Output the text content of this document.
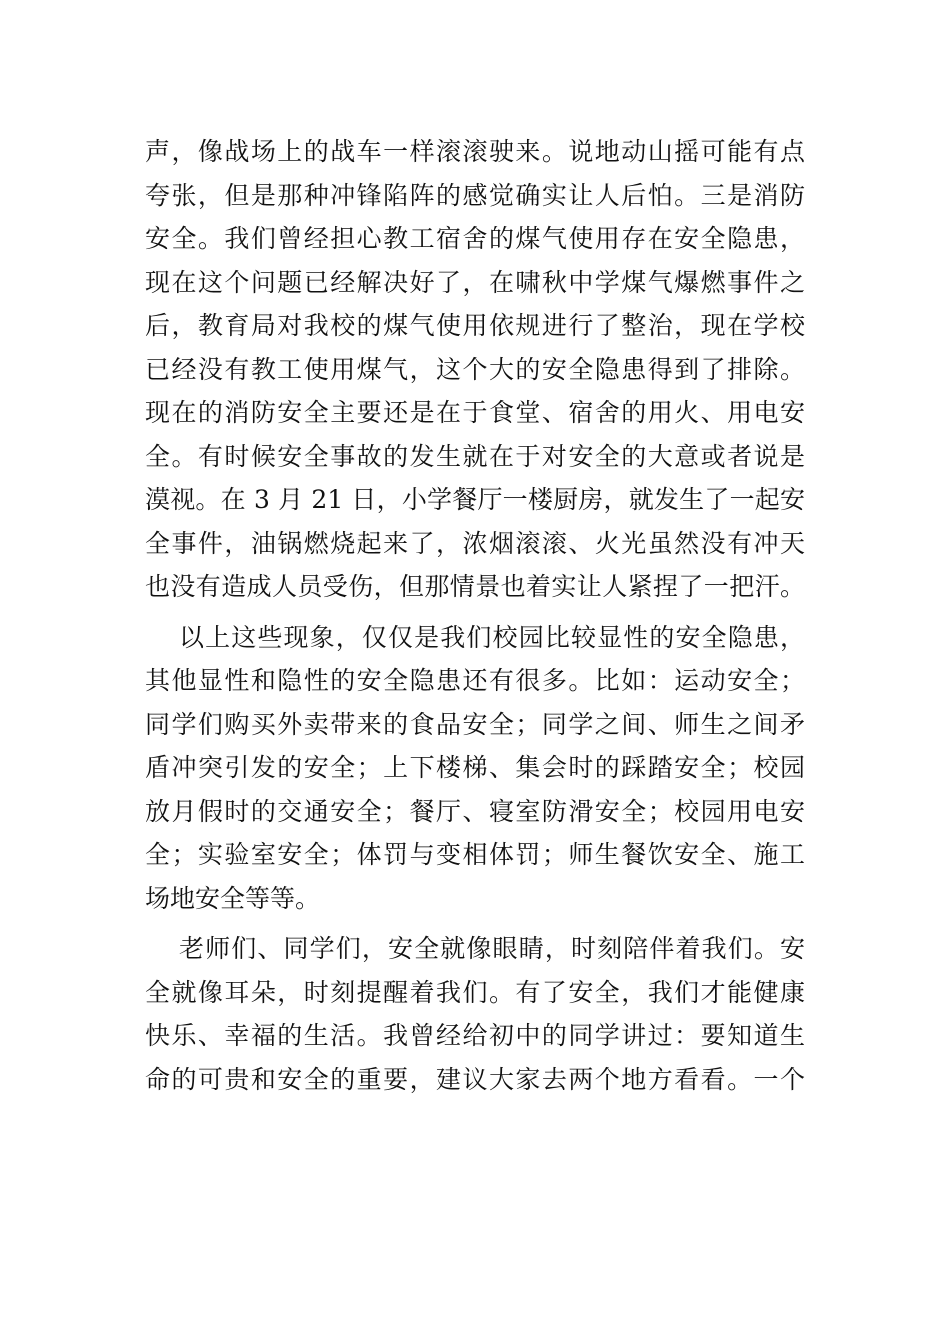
声，像战场上的战车一样滚滚驶来。说地动山摇可能有点
夸张，但是那种冲锋陷阵的感觉确实让人后怕。三是消防
安全。我们曾经担心教工宿舍的煤气使用存在安全隐患，
现在这个问题已经解决好了，在啸秋中学煤气爆燃事件之
后，教育局对我校的煤气使用依规进行了整治，现在学校
已经没有教工使用煤气，这个大的安全隐患得到了排除。
现在的消防安全主要还是在于食堂、宿舍的用火、用电安
全。有时候安全事故的发生就在于对安全的大意或者说是
漠视。在 3 月 21 日，小学餐厅一楼厨房，就发生了一起安
全事件，油锅燃烧起来了，浓烟滚滚、火光虽然没有冲天
也没有造成人员受伤，但那情景也着实让人紧捏了一把汗。
以上这些现象，仅仅是我们校园比较显性的安全隐患，
其他显性和隐性的安全隐患还有很多。比如：运动安全；
同学们购买外卖带来的食品安全；同学之间、师生之间矛
盾冲突引发的安全；上下楼梯、集会时的踩踏安全；校园
放月假时的交通安全；餐厅、寝室防滑安全；校园用电安
全；实验室安全；体罚与变相体罚；师生餐饮安全、施工
场地安全等等。
老师们、同学们，安全就像眼睛，时刻陪伴着我们。安
全就像耳朵，时刻提醒着我们。有了安全，我们才能健康
快乐、幸福的生活。我曾经给初中的同学讲过：要知道生
命的可贵和安全的重要，建议大家去两个地方看看。一个
